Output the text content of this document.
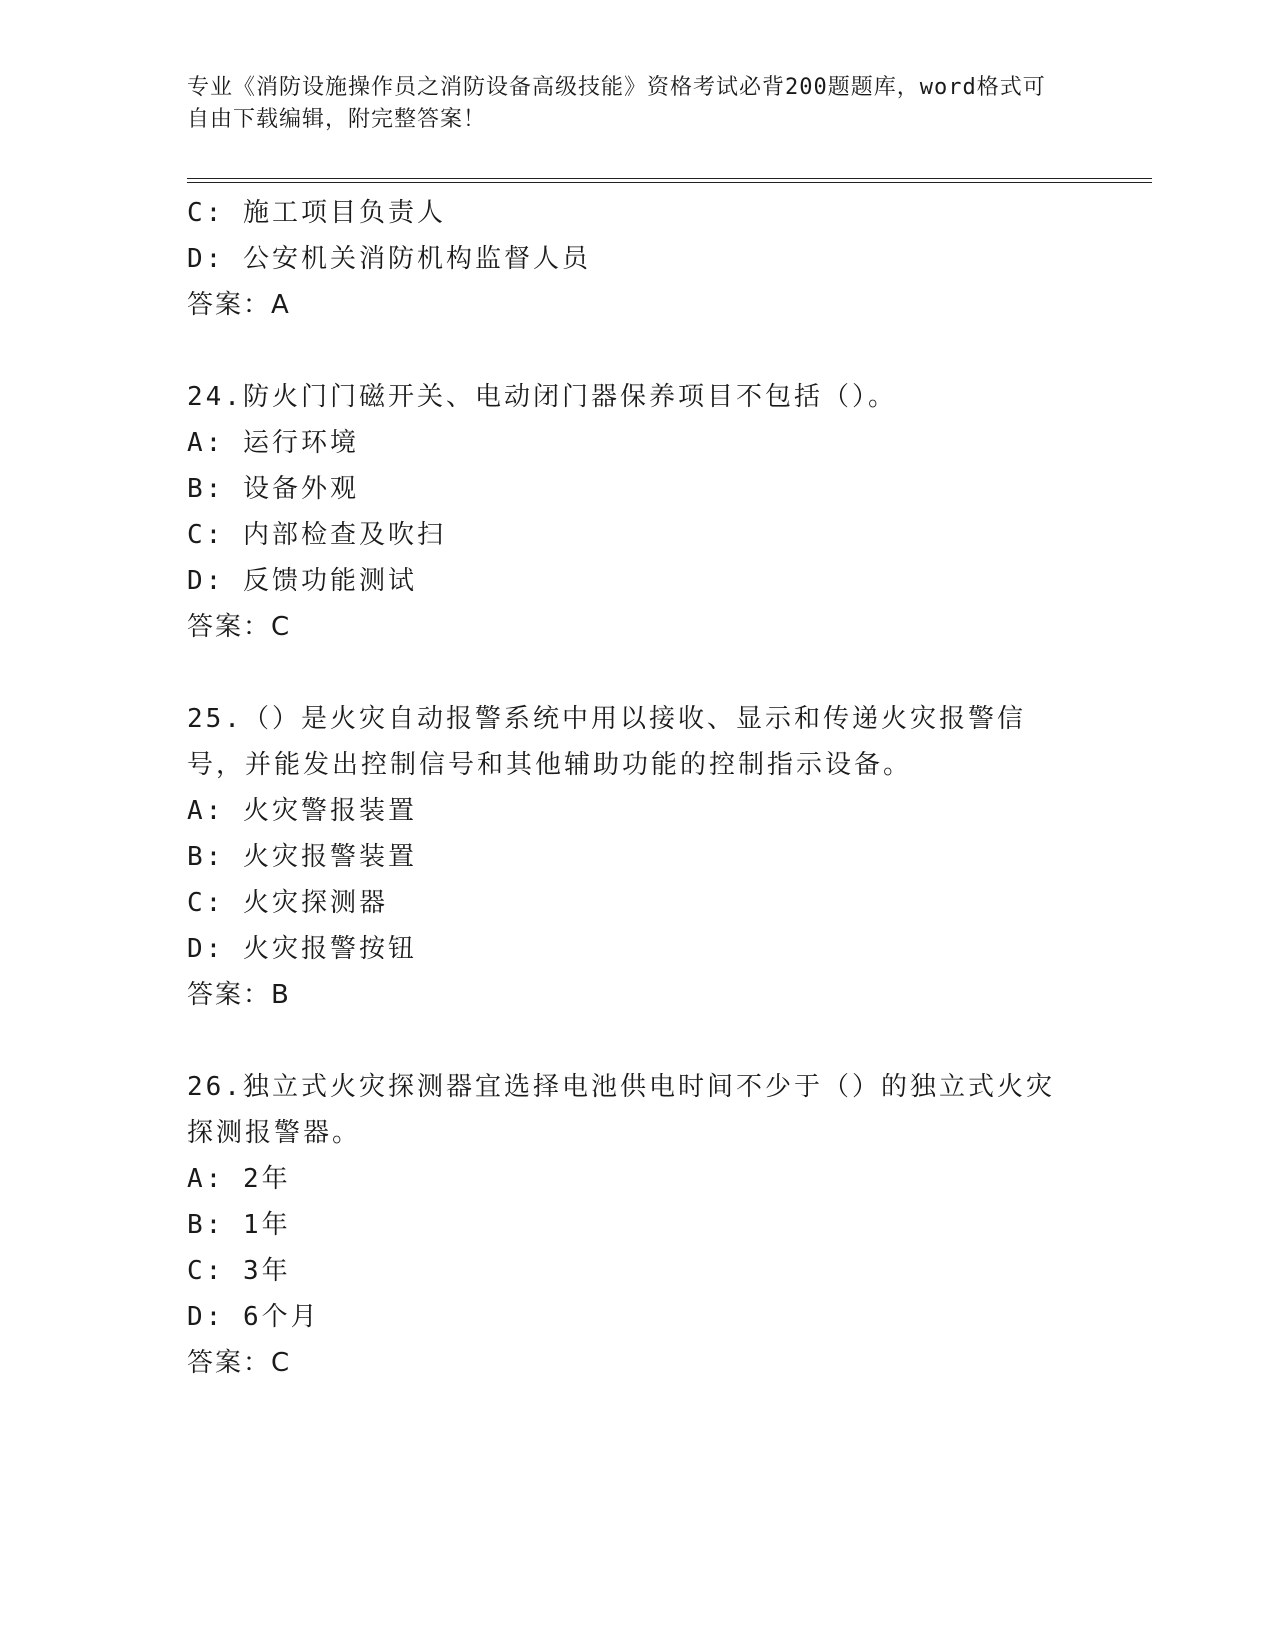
专业《消防设施操作员之消防设备高级技能》资格考试必背200题题库，word格式可自由下载编辑，附完整答案！

C: 施工项目负责人

D: 公安机关消防机构监督人员

答案：A

24.防火门门磁开关、电动闭门器保养项目不包括（）。

A: 运行环境

B: 设备外观

C: 内部检查及吹扫

D: 反馈功能测试

答案：C

25.（）是火灾自动报警系统中用以接收、显示和传递火灾报警信号，并能发出控制信号和其他辅助功能的控制指示设备。

A: 火灾警报装置

B: 火灾报警装置

C: 火灾探测器

D: 火灾报警按钮

答案：B

26.独立式火灾探测器宜选择电池供电时间不少于（）的独立式火灾探测报警器。

A: 2年

B: 1年

C: 3年

D: 6个月

答案：C
